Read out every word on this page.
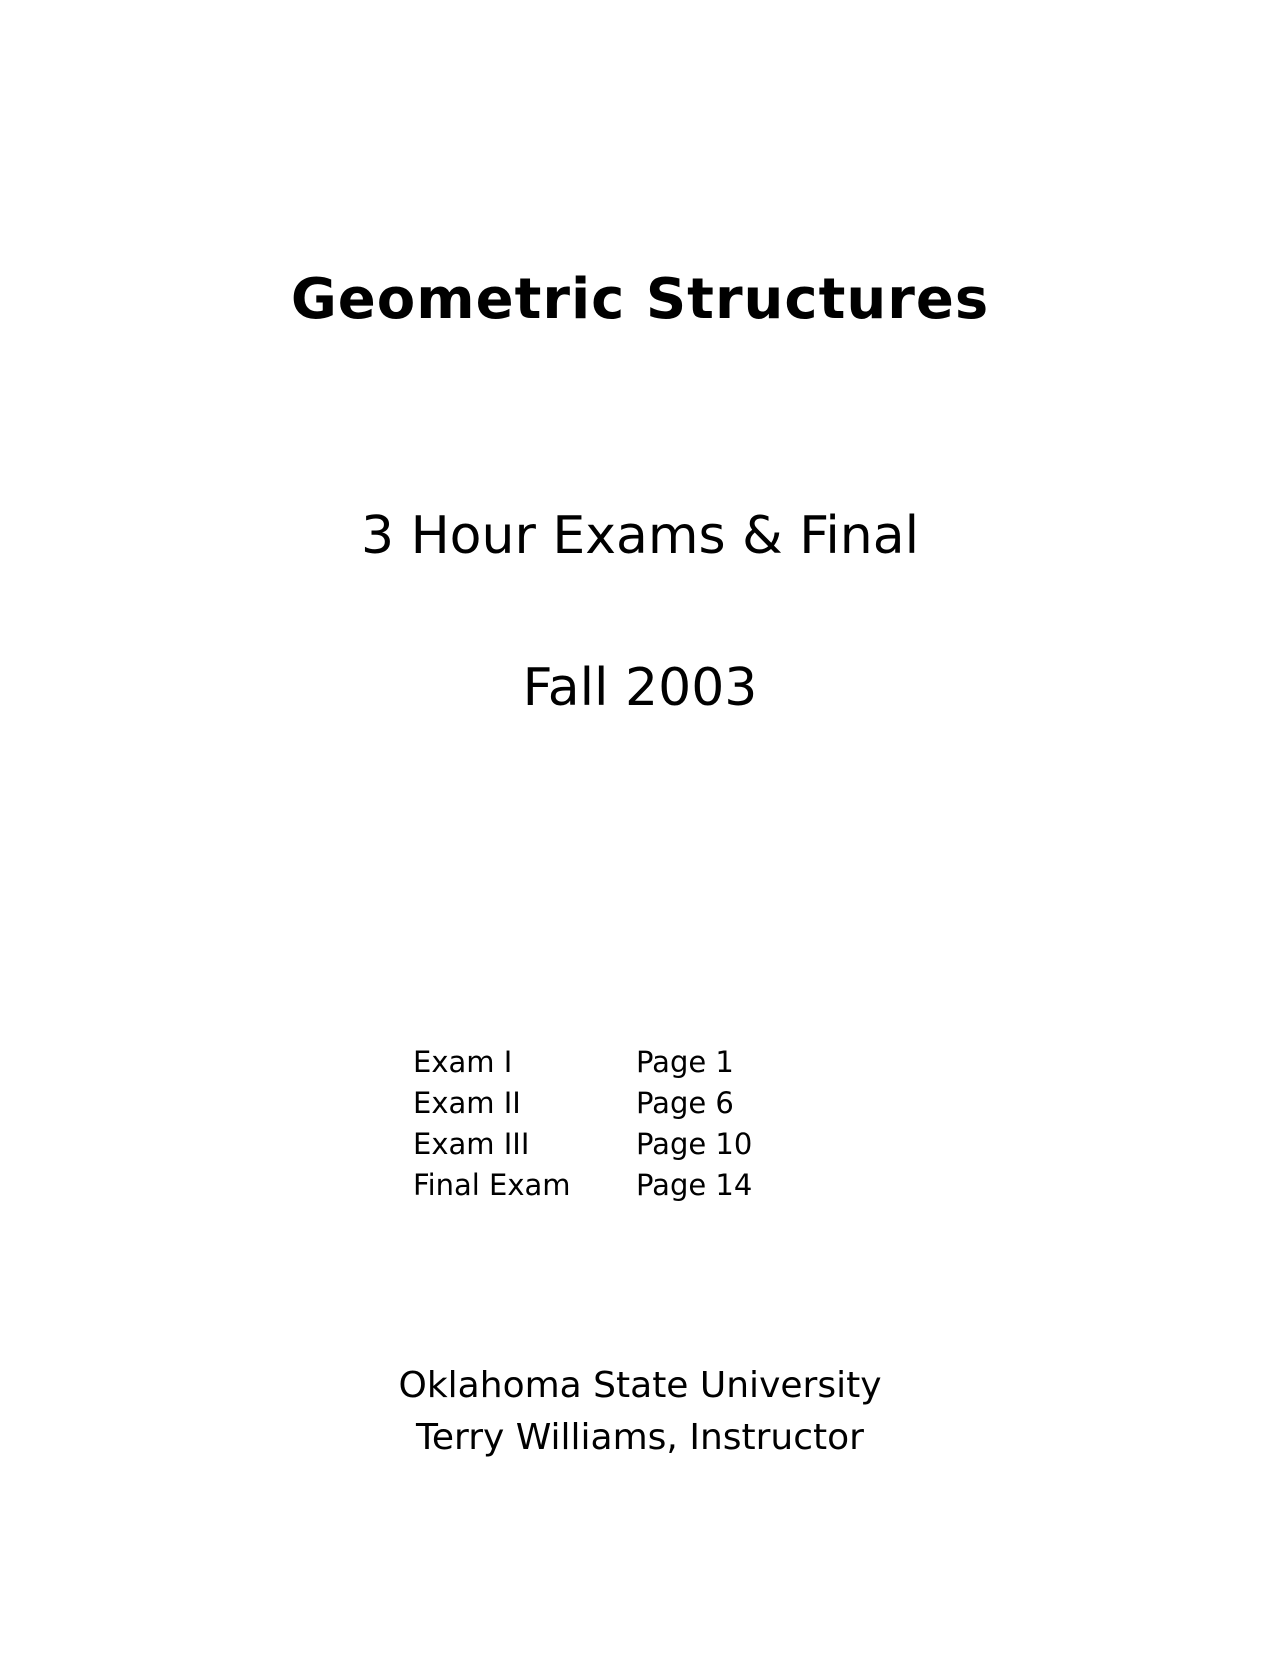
Geometric Structures
3 Hour Exams & Final
Fall 2003
Exam I	Page 1
Exam II	Page 6
Exam III	Page 10
Final Exam	Page 14
Oklahoma State University
Terry Williams, Instructor
